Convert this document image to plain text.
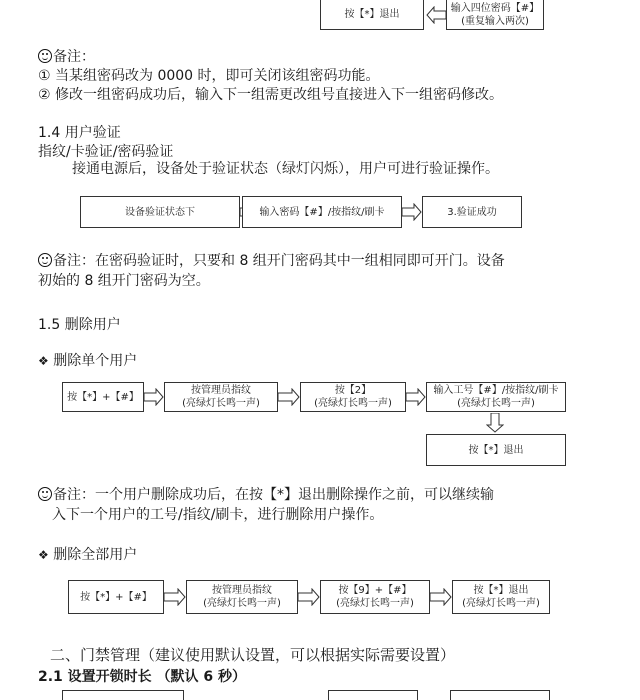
按【*】退出
输入四位密码【#】
(重复输入两次)
备注：
① 当某组密码改为 0000 时，即可关闭该组密码功能。
② 修改一组密码成功后，输入下一组需更改组号直接进入下一组密码修改。
1.4 用户验证
指纹/卡验证/密码验证
接通电源后，设备处于验证状态（绿灯闪烁），用户可进行验证操作。
设备验证状态下	输入密码【#】/按指纹/刷卡	3.验证成功
备注：在密码验证时，只要和 8 组开门密码其中一组相同即可开门。设备
初始的 8 组开门密码为空。
1.5 删除用户
❖ 删除单个用户
按【*】+【#】
按管理员指纹
(亮绿灯长鸣一声)
按【2】
(亮绿灯长鸣一声)
输入工号【#】/按指纹/刷卡
(亮绿灯长鸣一声)
按【*】退出
备注：一个用户删除成功后，在按【*】退出删除操作之前，可以继续输
入下一个用户的工号/指纹/刷卡，进行删除用户操作。
❖ 删除全部用户
按【*】+【#】
按管理员指纹
(亮绿灯长鸣一声)
按【9】+【#】
(亮绿灯长鸣一声)
按【*】退出
(亮绿灯长鸣一声)
二、门禁管理（建议使用默认设置，可以根据实际需要设置）
2.1 设置开锁时长 （默认 6 秒）
